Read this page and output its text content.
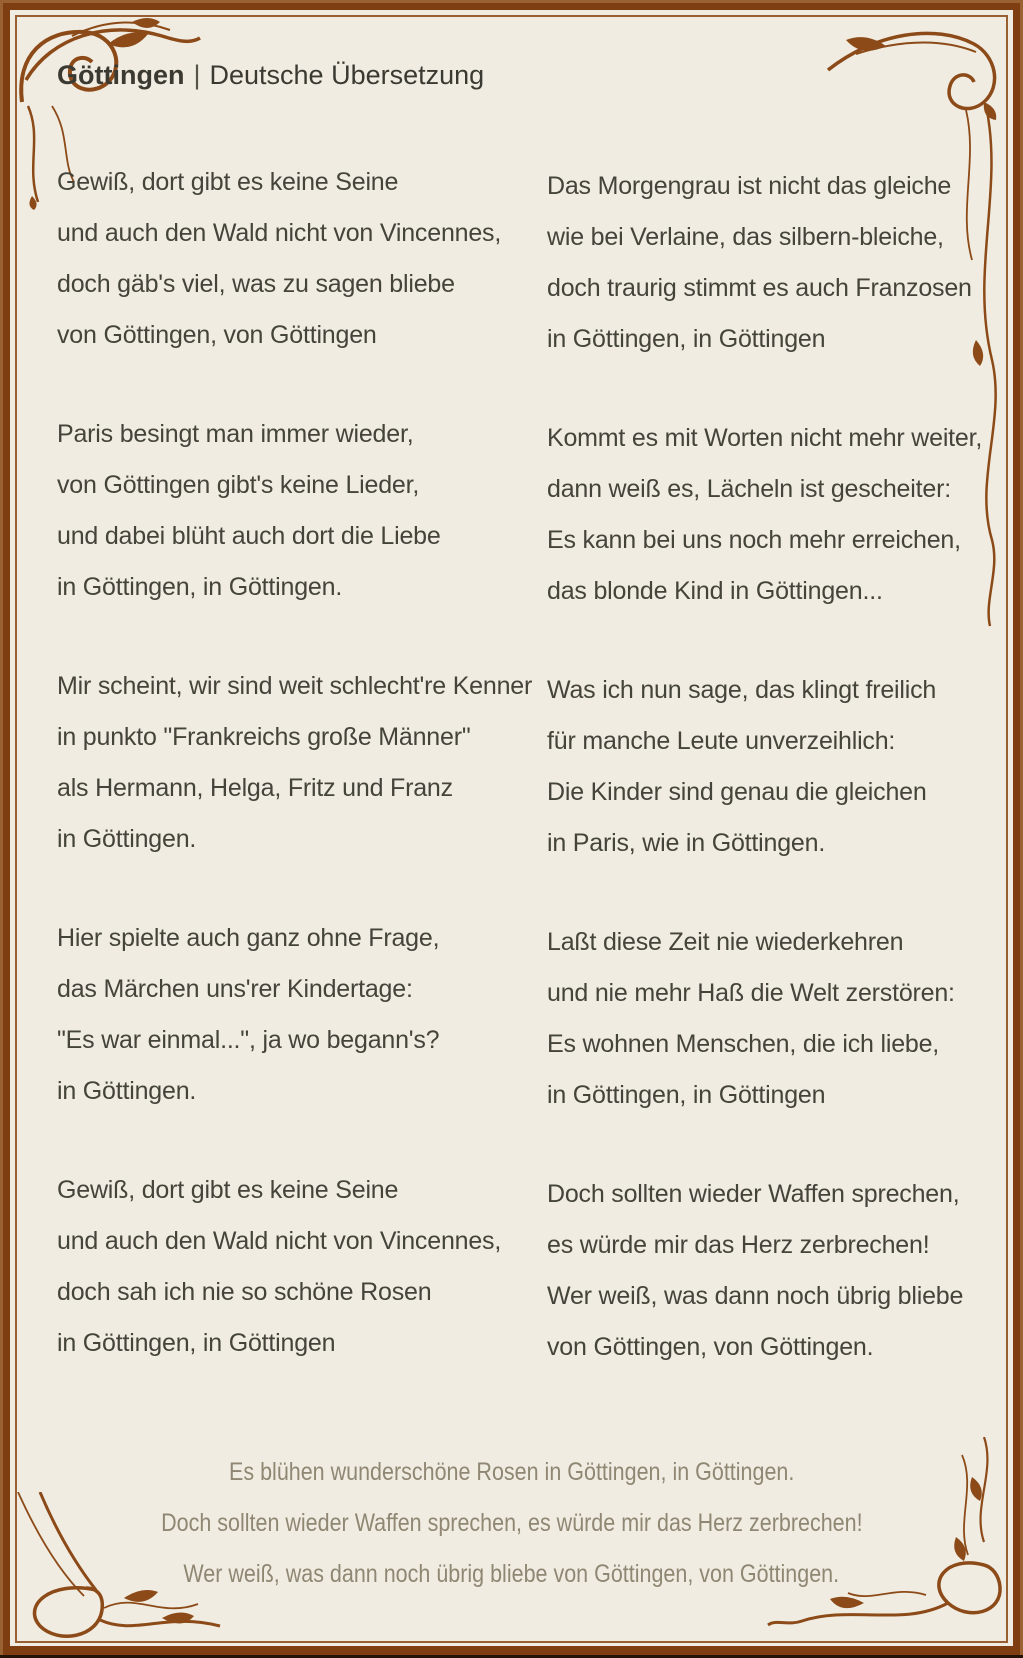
Göttingen | Deutsche Übersetzung

Gewiß, dort gibt es keine Seine

und auch den Wald nicht von Vincennes,

doch gäb's viel, was zu sagen bliebe

von Göttingen, von Göttingen

Paris besingt man immer wieder,

von Göttingen gibt's keine Lieder,

und dabei blüht auch dort die Liebe

in Göttingen, in Göttingen.

Mir scheint, wir sind weit schlecht're Kenner

in punkto "Frankreichs große Männer"

als Hermann, Helga, Fritz und Franz

in Göttingen.

Hier spielte auch ganz ohne Frage,

das Märchen uns'rer Kindertage:

"Es war einmal...", ja wo begann's?

in Göttingen.

Gewiß, dort gibt es keine Seine

und auch den Wald nicht von Vincennes,

doch sah ich nie so schöne Rosen

in Göttingen, in Göttingen

Das Morgengrau ist nicht das gleiche

wie bei Verlaine, das silbern-bleiche,

doch traurig stimmt es auch Franzosen

in Göttingen, in Göttingen

Kommt es mit Worten nicht mehr weiter,

dann weiß es, Lächeln ist gescheiter:

Es kann bei uns noch mehr erreichen,

das blonde Kind in Göttingen...

Was ich nun sage, das klingt freilich

für manche Leute unverzeihlich:

Die Kinder sind genau die gleichen

in Paris, wie in Göttingen.

Laßt diese Zeit nie wiederkehren

und nie mehr Haß die Welt zerstören:

Es wohnen Menschen, die ich liebe,

in Göttingen, in Göttingen

Doch sollten wieder Waffen sprechen,

es würde mir das Herz zerbrechen!

Wer weiß, was dann noch übrig bliebe

von Göttingen, von Göttingen.

Es blühen wunderschöne Rosen in Göttingen, in Göttingen.

Doch sollten wieder Waffen sprechen, es würde mir das Herz zerbrechen!

Wer weiß, was dann noch übrig bliebe von Göttingen, von Göttingen.
